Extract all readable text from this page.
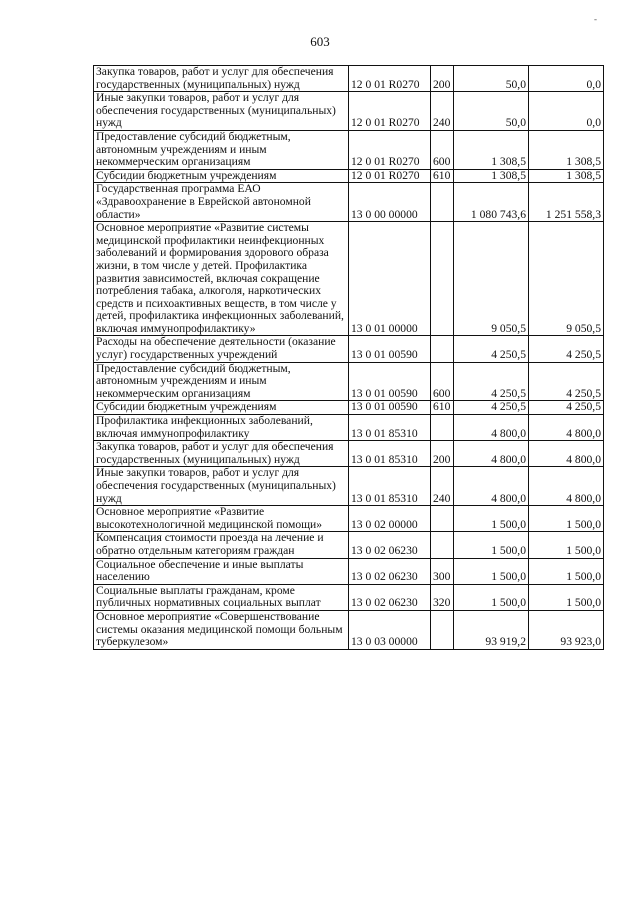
603
-
Закупка товаров, работ и услуг для обеспечения государственных (муниципальных) нужд	12 0 01 R0270	200	50,0	0,0
Иные закупки товаров, работ и услуг для обеспечения государственных (муниципальных) нужд	12 0 01 R0270	240	50,0	0,0
Предоставление субсидий бюджетным, автономным учреждениям и иным некоммерческим организациям	12 0 01 R0270	600	1 308,5	1 308,5
Субсидии бюджетным учреждениям	12 0 01 R0270	610	1 308,5	1 308,5
Государственная программа ЕАО «Здравоохранение в Еврейской автономной области»	13 0 00 00000		1 080 743,6	1 251 558,3
Основное мероприятие «Развитие системы медицинской профилактики неинфекционных заболеваний и формирования здорового образа жизни, в том числе у детей. Профилактика развития зависимостей, включая сокращение потребления табака, алкоголя, наркотических средств и психоактивных веществ, в том числе у детей, профилактика инфекционных заболеваний, включая иммунопрофилактику»	13 0 01 00000		9 050,5	9 050,5
Расходы на обеспечение деятельности (оказание услуг) государственных учреждений	13 0 01 00590		4 250,5	4 250,5
Предоставление субсидий бюджетным, автономным учреждениям и иным некоммерческим организациям	13 0 01 00590	600	4 250,5	4 250,5
Субсидии бюджетным учреждениям	13 0 01 00590	610	4 250,5	4 250,5
Профилактика инфекционных заболеваний, включая иммунопрофилактику	13 0 01 85310		4 800,0	4 800,0
Закупка товаров, работ и услуг для обеспечения государственных (муниципальных) нужд	13 0 01 85310	200	4 800,0	4 800,0
Иные закупки товаров, работ и услуг для обеспечения государственных (муниципальных) нужд	13 0 01 85310	240	4 800,0	4 800,0
Основное мероприятие «Развитие высокотехнологичной медицинской помощи»	13 0 02 00000		1 500,0	1 500,0
Компенсация стоимости проезда на лечение и обратно отдельным категориям граждан	13 0 02 06230		1 500,0	1 500,0
Социальное обеспечение и иные выплаты населению	13 0 02 06230	300	1 500,0	1 500,0
Социальные выплаты гражданам, кроме публичных нормативных социальных выплат	13 0 02 06230	320	1 500,0	1 500,0
Основное мероприятие «Совершенствование системы оказания медицинской помощи больным туберкулезом»	13 0 03 00000		93 919,2	93 923,0
